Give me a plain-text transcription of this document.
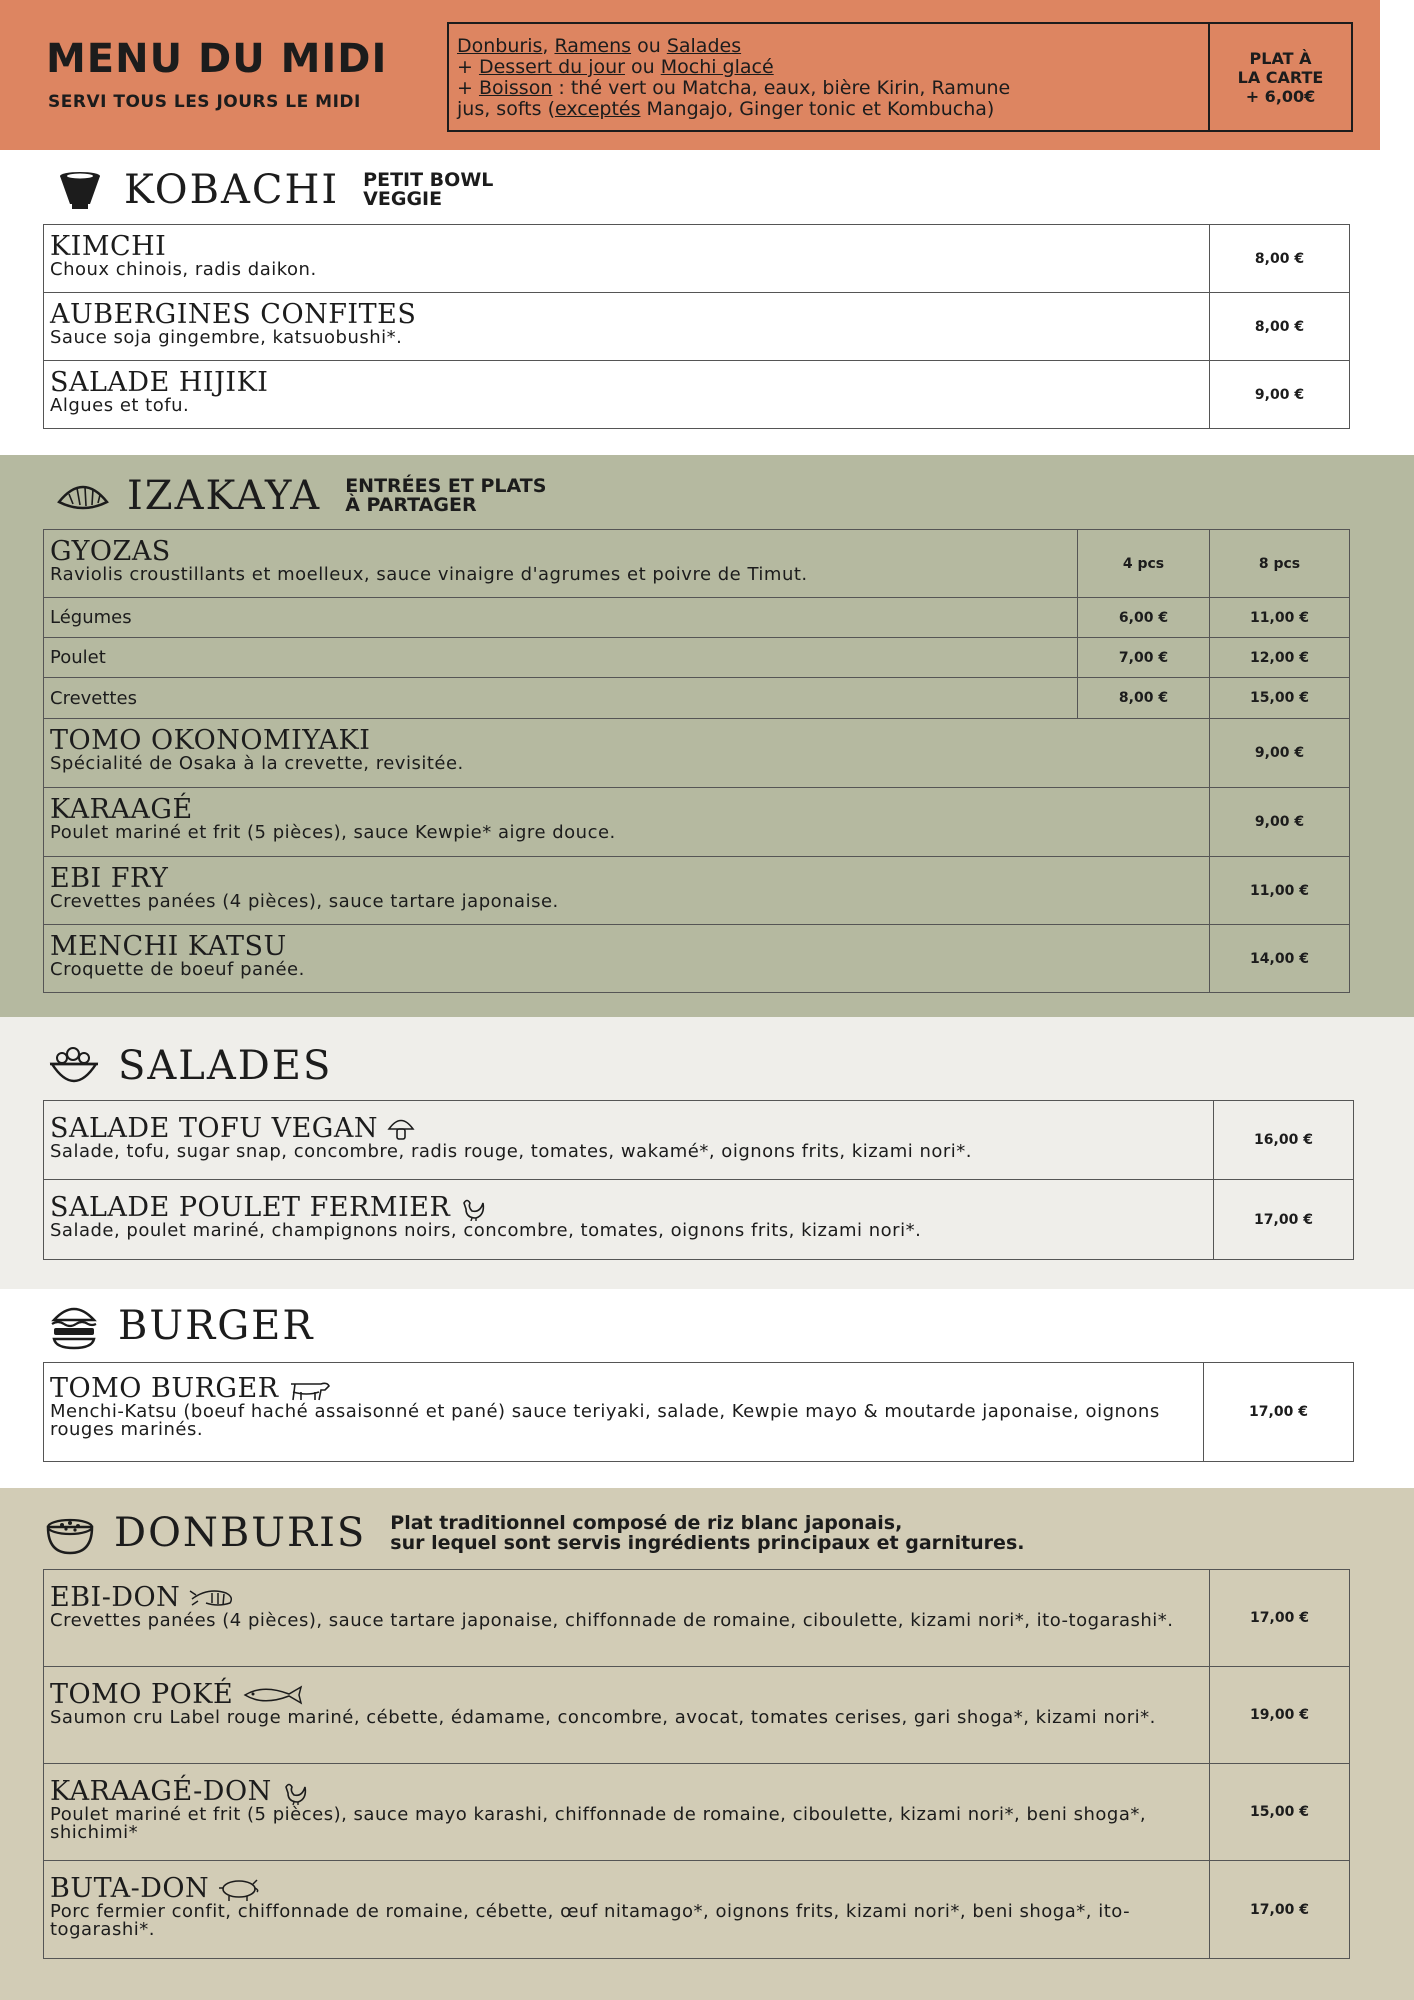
MENU DU MIDI
SERVI TOUS LES JOURS LE MIDI
Donburis, Ramens ou Salades
+ Dessert du jour ou Mochi glacé
+ Boisson : thé vert ou Matcha, eaux, bière Kirin, Ramune
jus, softs (exceptés Mangajo, Ginger tonic et Kombucha)
PLAT À
LA CARTE
+ 6,00€
KOBACHI PETIT BOWL
VEGGIE
KIMCHI
Choux chinois, radis daikon.
8,00 €
AUBERGINES CONFITES
Sauce soja gingembre, katsuobushi*.
8,00 €
SALADE HIJIKI
Algues et tofu.
9,00 €
IZAKAYA ENTRÉES ET PLATS
À PARTAGER
GYOZAS
Raviolis croustillants et moelleux, sauce vinaigre d'agrumes et poivre de Timut.
4 pcs	8 pcs
Légumes	6,00 €	11,00 €
Poulet	7,00 €	12,00 €
Crevettes	8,00 €	15,00 €
TOMO OKONOMIYAKI
Spécialité de Osaka à la crevette, revisitée.	9,00 €
KARAAGÉ
Poulet mariné et frit (5 pièces), sauce Kewpie* aigre douce.	9,00 €
EBI FRY
Crevettes panées (4 pièces), sauce tartare japonaise.
11,00 €
MENCHI KATSU
Croquette de boeuf panée.
14,00 €
SALADES
SALADE TOFU VEGAN
Salade, tofu, sugar snap, concombre, radis rouge, tomates, wakamé*, oignons frits, kizami nori*.
16,00 €
SALADE POULET FERMIER
Salade, poulet mariné, champignons noirs, concombre, tomates, oignons frits, kizami nori*.
17,00 €
BURGER
TOMO BURGER
Menchi-Katsu (boeuf haché assaisonné et pané) sauce teriyaki, salade, Kewpie mayo & moutarde japonaise, oignons rouges marinés.
17,00 €
DONBURIS Plat traditionnel composé de riz blanc japonais,
sur lequel sont servis ingrédients principaux et garnitures.
EBI-DON
Crevettes panées (4 pièces), sauce tartare japonaise, chiffonnade de romaine, ciboulette, kizami nori*, ito-togarashi*.	17,00 €
TOMO POKÉ
Saumon cru Label rouge mariné, cébette, édamame, concombre, avocat, tomates cerises, gari shoga*, kizami nori*.	19,00 €
KARAAGÉ-DON
Poulet mariné et frit (5 pièces), sauce mayo karashi, chiffonnade de romaine, ciboulette, kizami nori*, beni shoga*, shichimi*
15,00 €
BUTA-DON
Porc fermier confit, chiffonnade de romaine, cébette, œuf nitamago*, oignons frits, kizami nori*, beni shoga*, ito-togarashi*.
17,00 €
